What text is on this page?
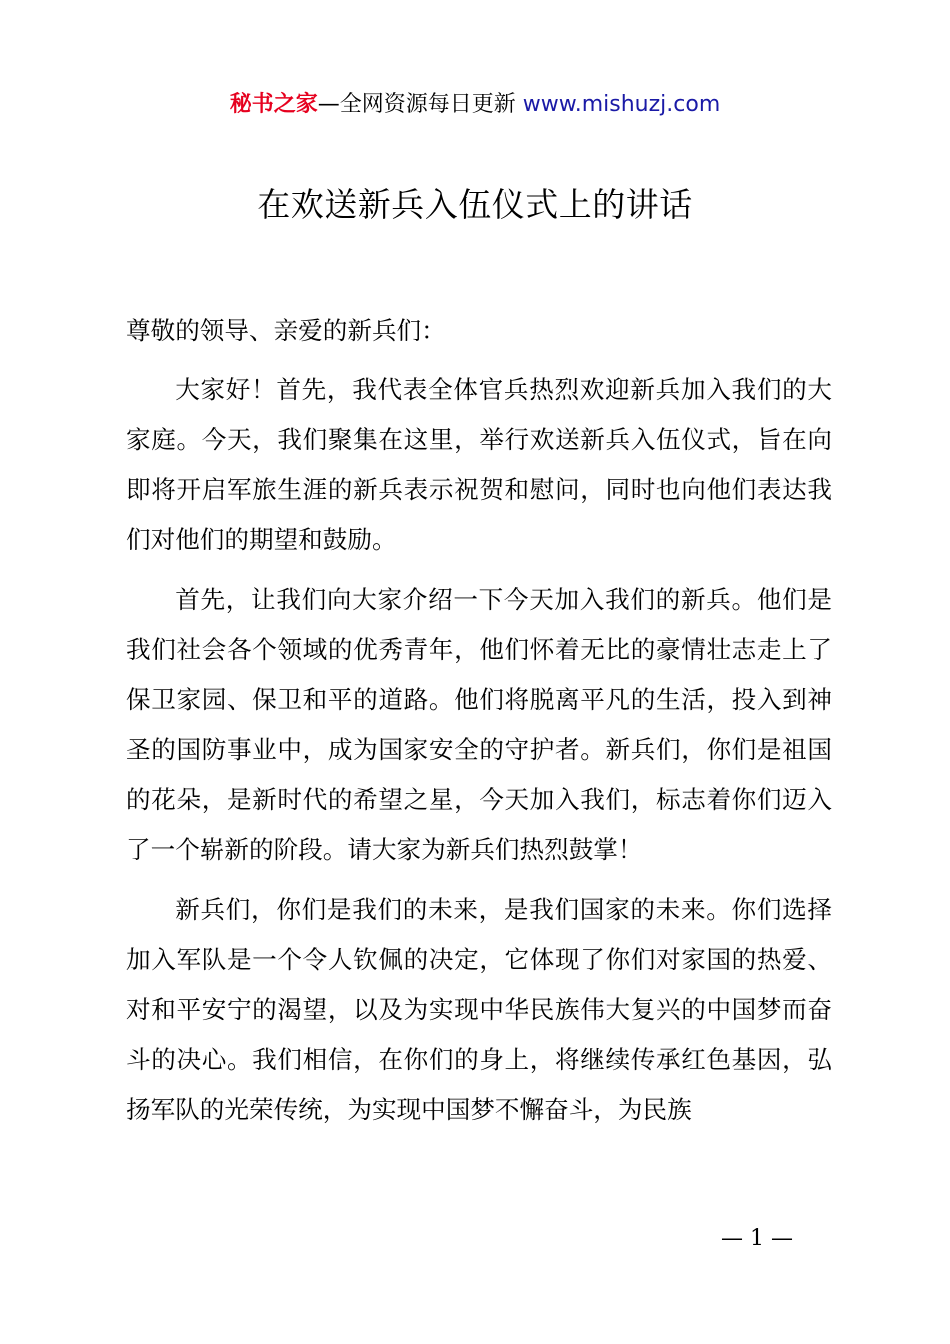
秘书之家—全网资源每日更新 www.mishuzj.com
在欢送新兵入伍仪式上的讲话

尊敬的领导、亲爱的新兵们：

大家好！首先，我代表全体官兵热烈欢迎新兵加入我们的大家庭。今天，我们聚集在这里，举行欢送新兵入伍仪式，旨在向即将开启军旅生涯的新兵表示祝贺和慰问，同时也向他们表达我们对他们的期望和鼓励。

首先，让我们向大家介绍一下今天加入我们的新兵。他们是我们社会各个领域的优秀青年，他们怀着无比的豪情壮志走上了保卫家园、保卫和平的道路。他们将脱离平凡的生活，投入到神圣的国防事业中，成为国家安全的守护者。新兵们，你们是祖国的花朵，是新时代的希望之星，今天加入我们，标志着你们迈入了一个崭新的阶段。请大家为新兵们热烈鼓掌！

新兵们，你们是我们的未来，是我们国家的未来。你们选择加入军队是一个令人钦佩的决定，它体现了你们对家国的热爱、对和平安宁的渴望，以及为实现中华民族伟大复兴的中国梦而奋斗的决心。我们相信，在你们的身上，将继续传承红色基因，弘扬军队的光荣传统，为实现中国梦不懈奋斗，为民族

— 1 —
